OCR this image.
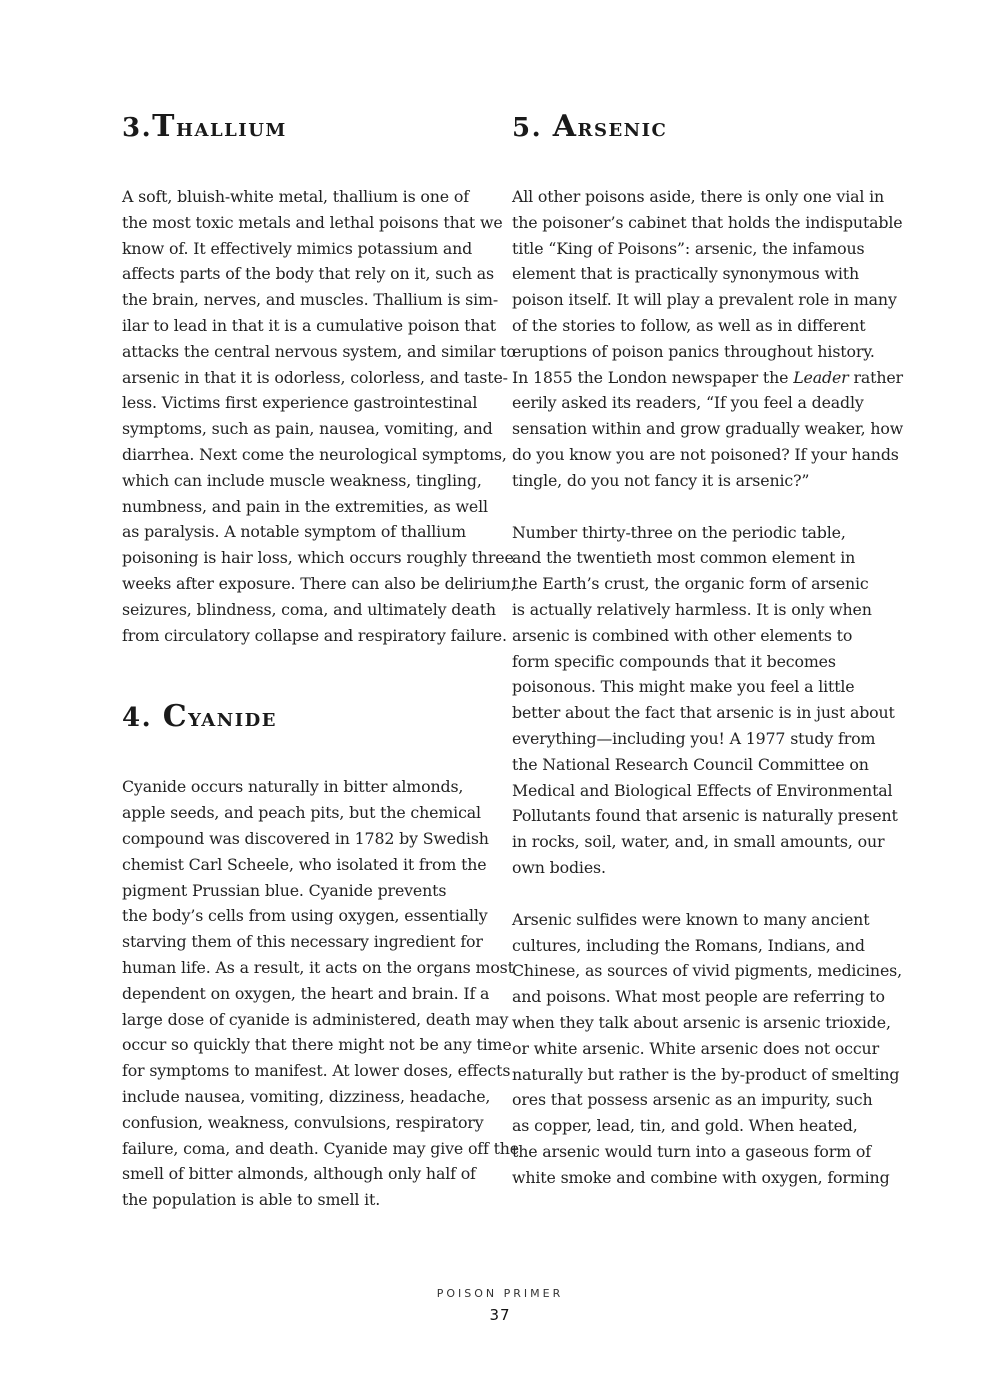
3.Thallium

A soft, bluish-white metal, thallium is one of
the most toxic metals and lethal poisons that we
know of. It effectively mimics potassium and
affects parts of the body that rely on it, such as
the brain, nerves, and muscles. Thallium is sim-
ilar to lead in that it is a cumulative poison that
attacks the central nervous system, and similar to
arsenic in that it is odorless, colorless, and taste-
less. Victims first experience gastrointestinal
symptoms, such as pain, nausea, vomiting, and
diarrhea. Next come the neurological symptoms,
which can include muscle weakness, tingling,
numbness, and pain in the extremities, as well
as paralysis. A notable symptom of thallium
poisoning is hair loss, which occurs roughly three
weeks after exposure. There can also be delirium,
seizures, blindness, coma, and ultimately death
from circulatory collapse and respiratory failure.

4. Cyanide

Cyanide occurs naturally in bitter almonds,
apple seeds, and peach pits, but the chemical
compound was discovered in 1782 by Swedish
chemist Carl Scheele, who isolated it from the
pigment Prussian blue. Cyanide prevents
the body’s cells from using oxygen, essentially
starving them of this necessary ingredient for
human life. As a result, it acts on the organs most
dependent on oxygen, the heart and brain. If a
large dose of cyanide is administered, death may
occur so quickly that there might not be any time
for symptoms to manifest. At lower doses, effects
include nausea, vomiting, dizziness, headache,
confusion, weakness, convulsions, respiratory
failure, coma, and death. Cyanide may give off the
smell of bitter almonds, although only half of
the population is able to smell it.

5. Arsenic

All other poisons aside, there is only one vial in
the poisoner’s cabinet that holds the indisputable
title “King of Poisons”: arsenic, the infamous
element that is practically synonymous with
poison itself. It will play a prevalent role in many
of the stories to follow, as well as in different
eruptions of poison panics throughout history.
In 1855 the London newspaper the Leader rather
eerily asked its readers, “If you feel a deadly
sensation within and grow gradually weaker, how
do you know you are not poisoned? If your hands
tingle, do you not fancy it is arsenic?”

Number thirty-three on the periodic table,
and the twentieth most common element in
the Earth’s crust, the organic form of arsenic
is actually relatively harmless. It is only when
arsenic is combined with other elements to
form specific compounds that it becomes
poisonous. This might make you feel a little
better about the fact that arsenic is in just about
everything—including you! A 1977 study from
the National Research Council Committee on
Medical and Biological Effects of Environmental
Pollutants found that arsenic is naturally present
in rocks, soil, water, and, in small amounts, our
own bodies.

Arsenic sulfides were known to many ancient
cultures, including the Romans, Indians, and
Chinese, as sources of vivid pigments, medicines,
and poisons. What most people are referring to
when they talk about arsenic is arsenic trioxide,
or white arsenic. White arsenic does not occur
naturally but rather is the by-product of smelting
ores that possess arsenic as an impurity, such
as copper, lead, tin, and gold. When heated,
the arsenic would turn into a gaseous form of
white smoke and combine with oxygen, forming

POISON PRIMER
37
